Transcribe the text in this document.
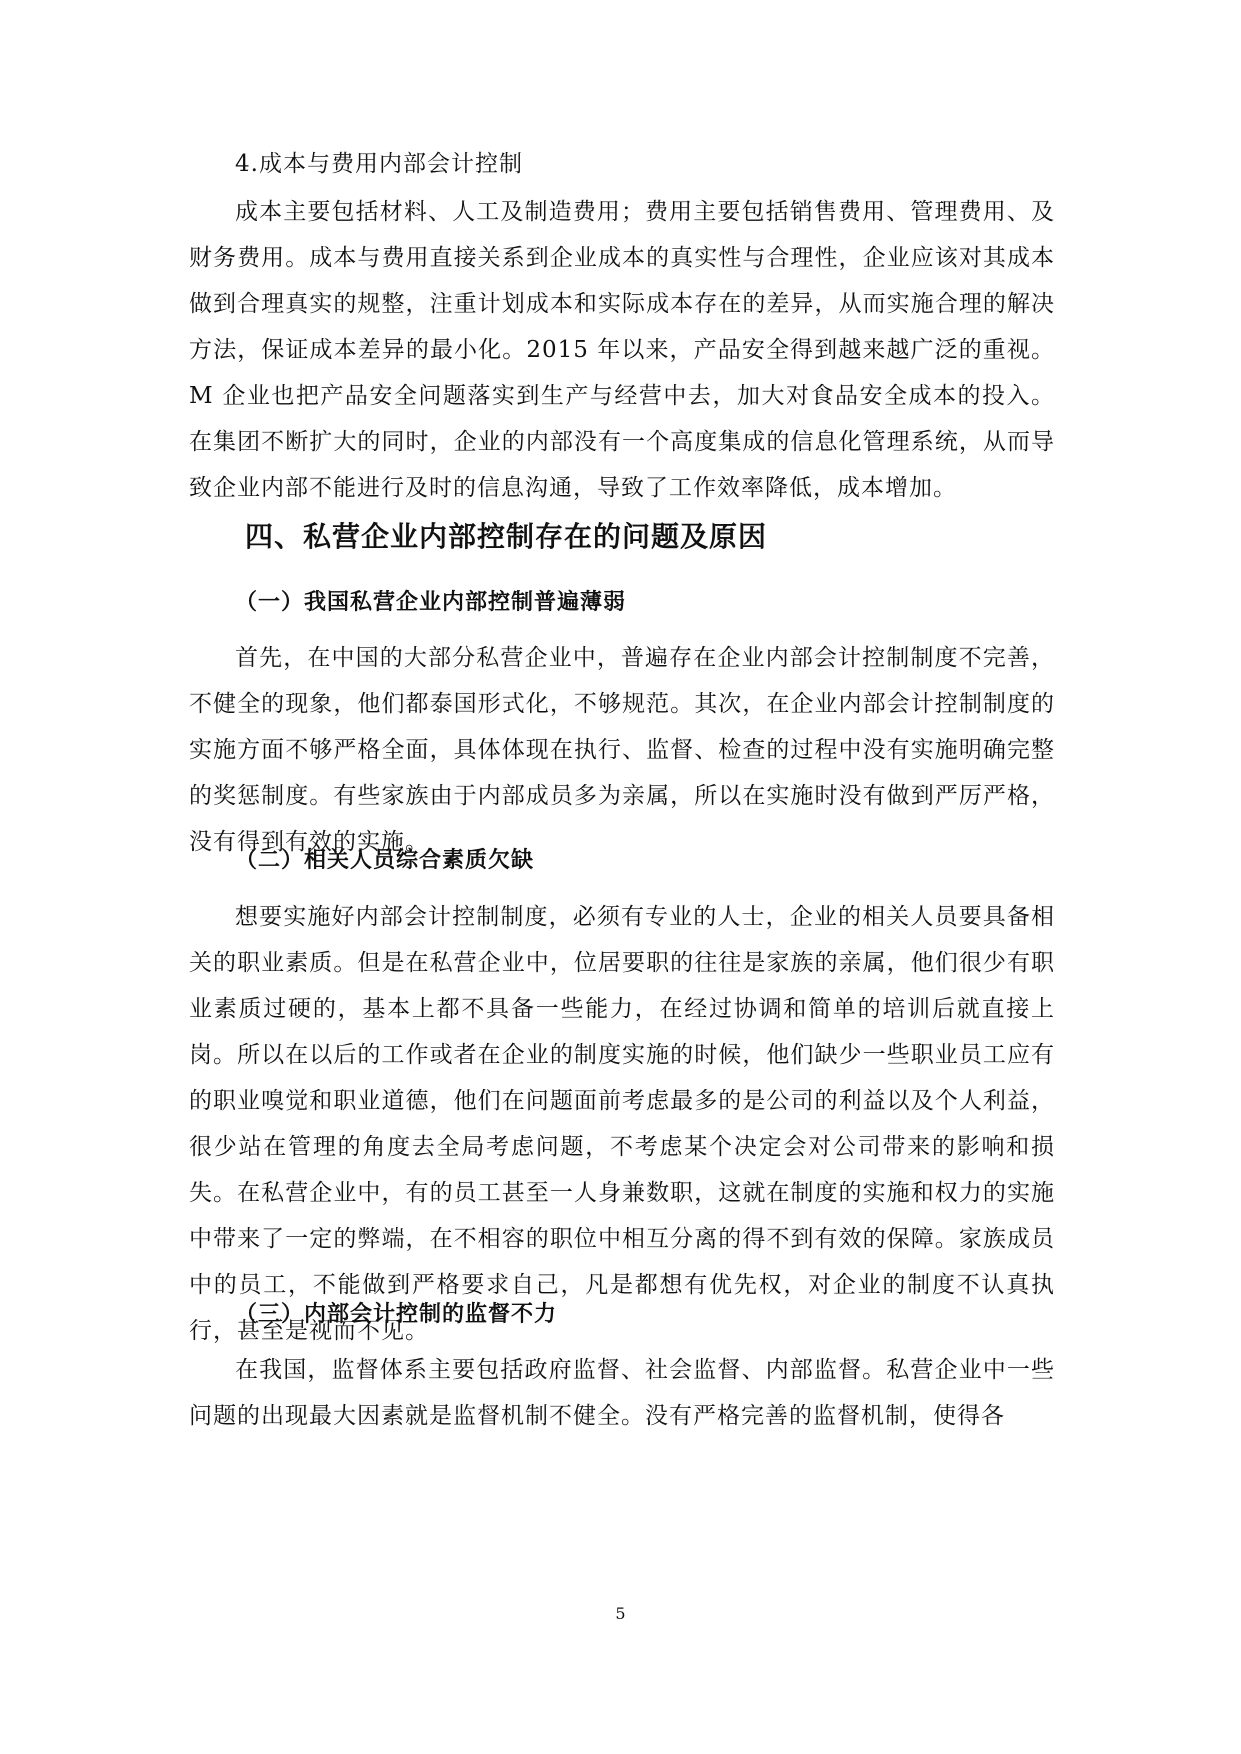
4.成本与费用内部会计控制

成本主要包括材料、人工及制造费用；费用主要包括销售费用、管理费用、及财务费用。成本与费用直接关系到企业成本的真实性与合理性，企业应该对其成本做到合理真实的规整，注重计划成本和实际成本存在的差异，从而实施合理的解决方法，保证成本差异的最小化。2015 年以来，产品安全得到越来越广泛的重视。M 企业也把产品安全问题落实到生产与经营中去，加大对食品安全成本的投入。在集团不断扩大的同时，企业的内部没有一个高度集成的信息化管理系统，从而导致企业内部不能进行及时的信息沟通，导致了工作效率降低，成本增加。

四、私营企业内部控制存在的问题及原因

（一）我国私营企业内部控制普遍薄弱

首先，在中国的大部分私营企业中，普遍存在企业内部会计控制制度不完善，不健全的现象，他们都泰国形式化，不够规范。其次，在企业内部会计控制制度的实施方面不够严格全面，具体体现在执行、监督、检查的过程中没有实施明确完整的奖惩制度。有些家族由于内部成员多为亲属，所以在实施时没有做到严厉严格，没有得到有效的实施。

（二）相关人员综合素质欠缺

想要实施好内部会计控制制度，必须有专业的人士，企业的相关人员要具备相关的职业素质。但是在私营企业中，位居要职的往往是家族的亲属，他们很少有职业素质过硬的，基本上都不具备一些能力，在经过协调和简单的培训后就直接上岗。所以在以后的工作或者在企业的制度实施的时候，他们缺少一些职业员工应有的职业嗅觉和职业道德，他们在问题面前考虑最多的是公司的利益以及个人利益，很少站在管理的角度去全局考虑问题，不考虑某个决定会对公司带来的影响和损失。在私营企业中，有的员工甚至一人身兼数职，这就在制度的实施和权力的实施中带来了一定的弊端，在不相容的职位中相互分离的得不到有效的保障。家族成员中的员工，不能做到严格要求自己，凡是都想有优先权，对企业的制度不认真执行，甚至是视而不见。

（三）内部会计控制的监督不力

在我国，监督体系主要包括政府监督、社会监督、内部监督。私营企业中一些问题的出现最大因素就是监督机制不健全。没有严格完善的监督机制，使得各

5
